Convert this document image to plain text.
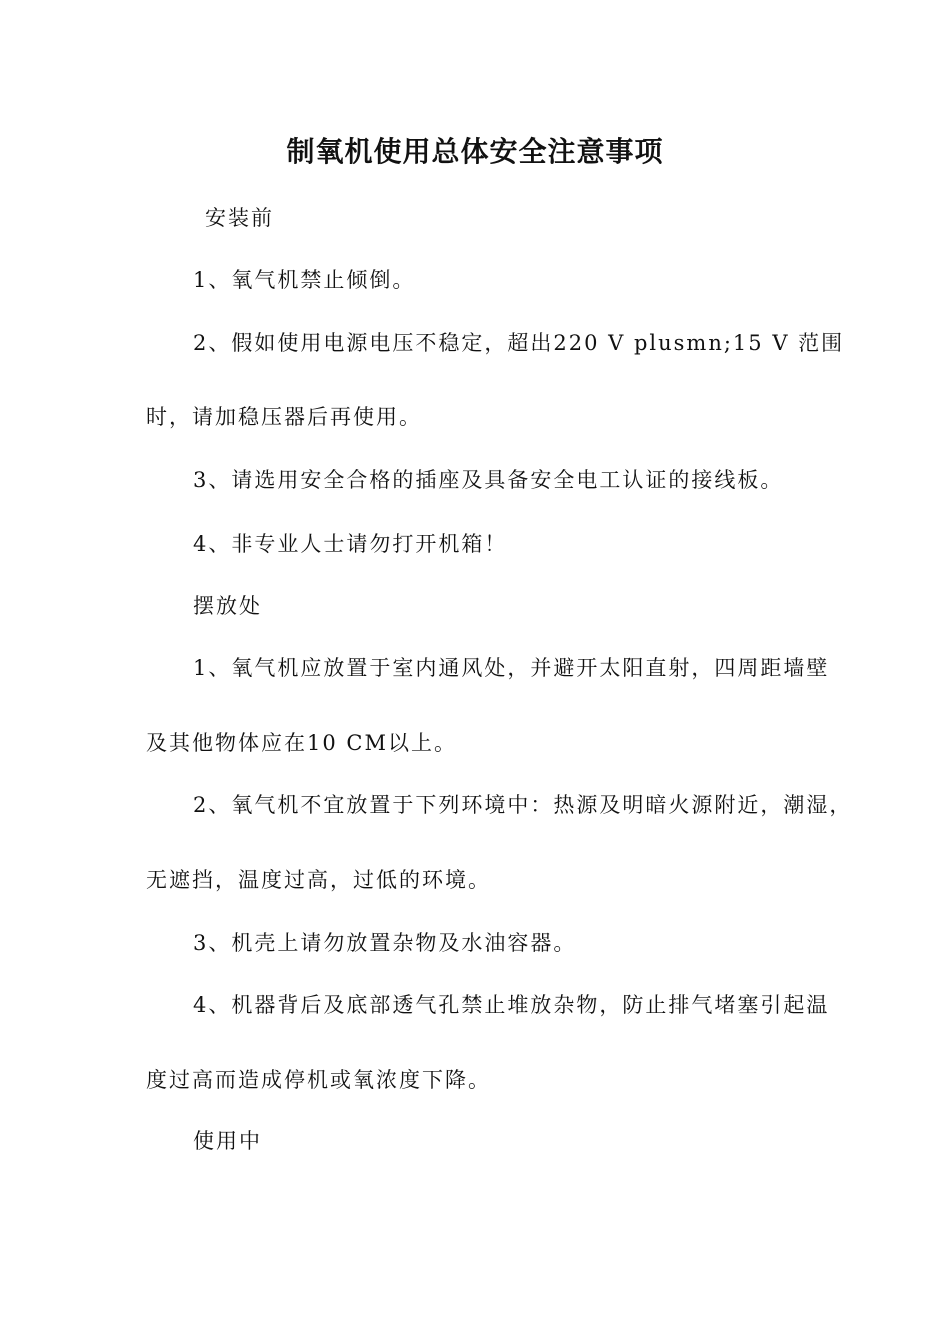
制氧机使用总体安全注意事项

安装前

1、氧气机禁止倾倒。

2、假如使用电源电压不稳定，超出220 V plusmn;15 V 范围

时，请加稳压器后再使用。

3、请选用安全合格的插座及具备安全电工认证的接线板。

4、非专业人士请勿打开机箱！

摆放处

1、氧气机应放置于室内通风处，并避开太阳直射，四周距墙壁

及其他物体应在10 CM以上。

2、氧气机不宜放置于下列环境中：热源及明暗火源附近，潮湿，

无遮挡，温度过高，过低的环境。

3、机壳上请勿放置杂物及水油容器。

4、机器背后及底部透气孔禁止堆放杂物，防止排气堵塞引起温

度过高而造成停机或氧浓度下降。

使用中
